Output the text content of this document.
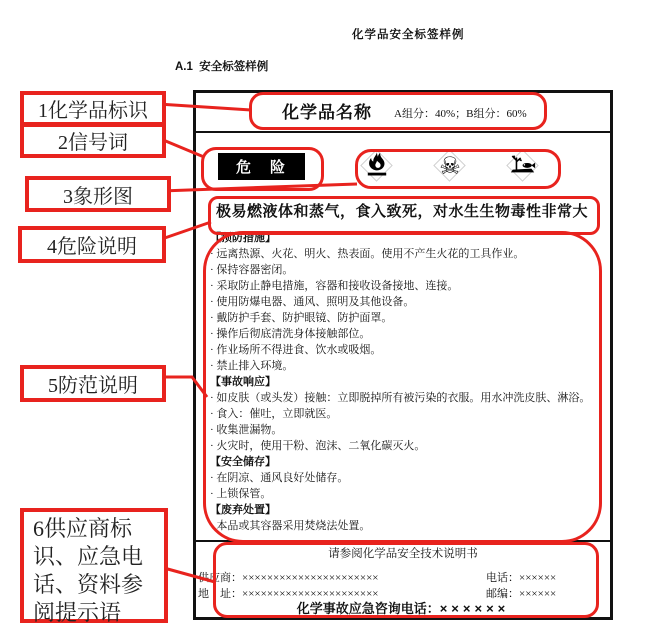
化学品安全标签样例
A.1  安全标签样例
化学品名称 A组分：40%；B组分：60%
危　险	☠
极易燃液体和蒸气，食入致死，对水生生物毒性非常大
【预防措施】
· 远离热源、火花、明火、热表面。使用不产生火花的工具作业。
· 保持容器密闭。
· 采取防止静电措施，容器和接收设备接地、连接。
· 使用防爆电器、通风、照明及其他设备。
· 戴防护手套、防护眼镜、防护面罩。
· 操作后彻底清洗身体接触部位。
· 作业场所不得进食、饮水或吸烟。
· 禁止排入环境。
【事故响应】
· 如皮肤（或头发）接触：立即脱掉所有被污染的衣服。用水冲洗皮肤、淋浴。
· 食入：催吐，立即就医。
· 收集泄漏物。
· 火灾时，使用干粉、泡沫、二氧化碳灭火。
【安全储存】
· 在阴凉、通风良好处储存。
· 上锁保管。
【废弃处置】
· 本品或其容器采用焚烧法处置。
请参阅化学品安全技术说明书
供应商：××××××××××××××××××××××	电话：××××××
地　址：××××××××××××××××××××××	邮编：××××××
化学事故应急咨询电话：××××××
1化学品标识
2信号词
3象形图
4危险说明
5防范说明
6供应商标识、应急电话、资料参阅提示语
